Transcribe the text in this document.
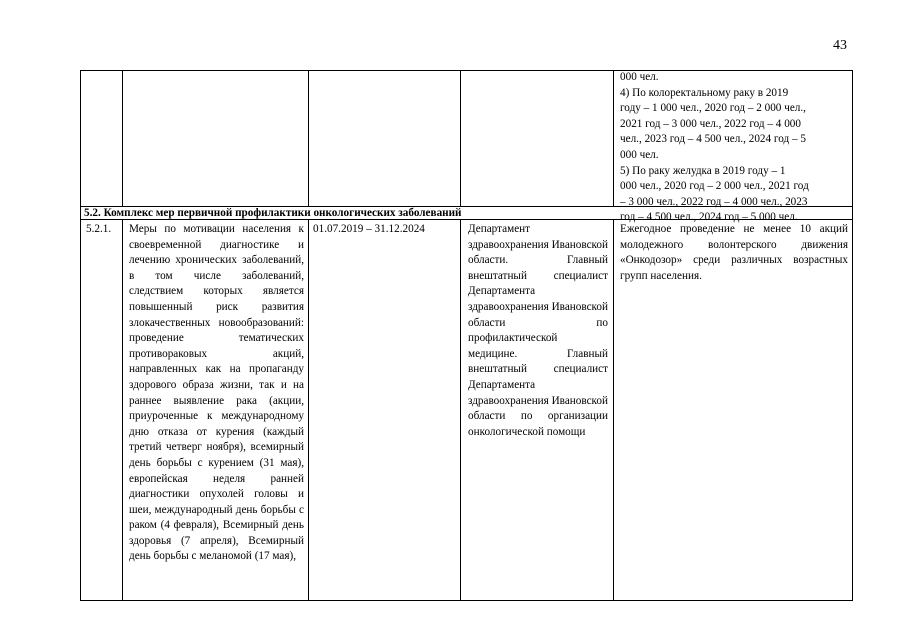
43
000 чел.
4) По колоректальному раку в 2019
году – 1 000 чел., 2020 год – 2 000 чел.,
2021 год – 3 000 чел., 2022 год – 4 000
чел., 2023 год – 4 500 чел., 2024 год – 5
000 чел.
5) По раку желудка в 2019 году – 1
000 чел., 2020 год – 2 000 чел., 2021 год
– 3 000 чел., 2022 год – 4 000 чел., 2023
год – 4 500 чел., 2024 год – 5 000 чел.
5.2. Комплекс мер первичной профилактики онкологических заболеваний
5.2.1.	Меры по мотивации населения к своевременной диагностике и лечению хронических заболеваний, в том числе заболеваний, следствием которых является повышенный риск развития злокачественных новообразований: проведение тематических противораковых акций, направленных как на пропаганду здорового образа жизни, так и на раннее выявление рака (акции, приуроченные к международному дню отказа от курения (каждый третий четверг ноября), всемирный день борьбы с курением (31 мая), европейская неделя ранней диагностики опухолей головы и шеи, международный день борьбы с раком (4 февраля), Всемирный день здоровья (7 апреля), Всемирный день борьбы с меланомой (17 мая),
01.07.2019 – 31.12.2024	Департамент здравоохранения Ивановской области. Главный внештатный специалист Департамента здравоохранения Ивановской области по профилактической медицине. Главный внештатный специалист Департамента здравоохранения Ивановской области по организации онкологической помощи
Ежегодное проведение не менее 10 акций молодежного волонтерского движения «Онкодозор» среди различных возрастных групп населения.
